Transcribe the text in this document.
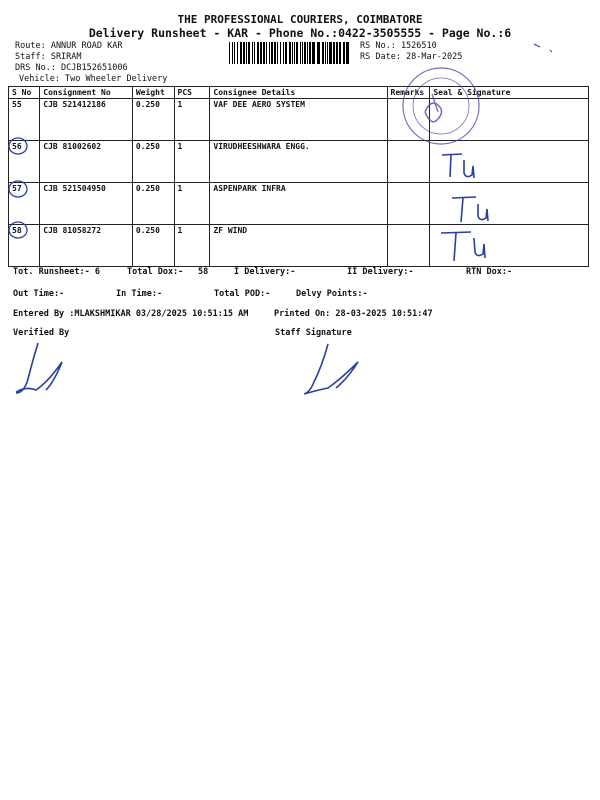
THE PROFESSIONAL COURIERS, COIMBATORE
Delivery Runsheet - KAR - Phone No.:0422-3505555 - Page No.:6
Route: ANNUR ROAD KAR
Staff: SRIRAM
DRS No.: DCJB152651006
Vehicle: Two Wheeler Delivery
RS No.: 1526510
RS Date: 28-Mar-2025
S No	Consignment No	Weight	PCS	Consignee Details	Remarks	Seal & Signature
55	CJB 521412186	0.250	1	VAF DEE AERO SYSTEM		
56	CJB 81002602	0.250	1	VIRUDHEESHWARA ENGG.		
57	CJB 521504950	0.250	1	ASPENPARK INFRA		
58	CJB 81058272	0.250	1	ZF WIND		
Tot. Runsheet:- 6	Total Dox:- 58	I Delivery:-	II Delivery:-	RTN Dox:-
Out Time:-	In Time:-	Total POD:-	Delvy Points:-
Entered By :MLAKSHMIKAR 03/28/2025 10:51:15 AM	Printed On: 28-03-2025 10:51:47
Verified By	Staff Signature
